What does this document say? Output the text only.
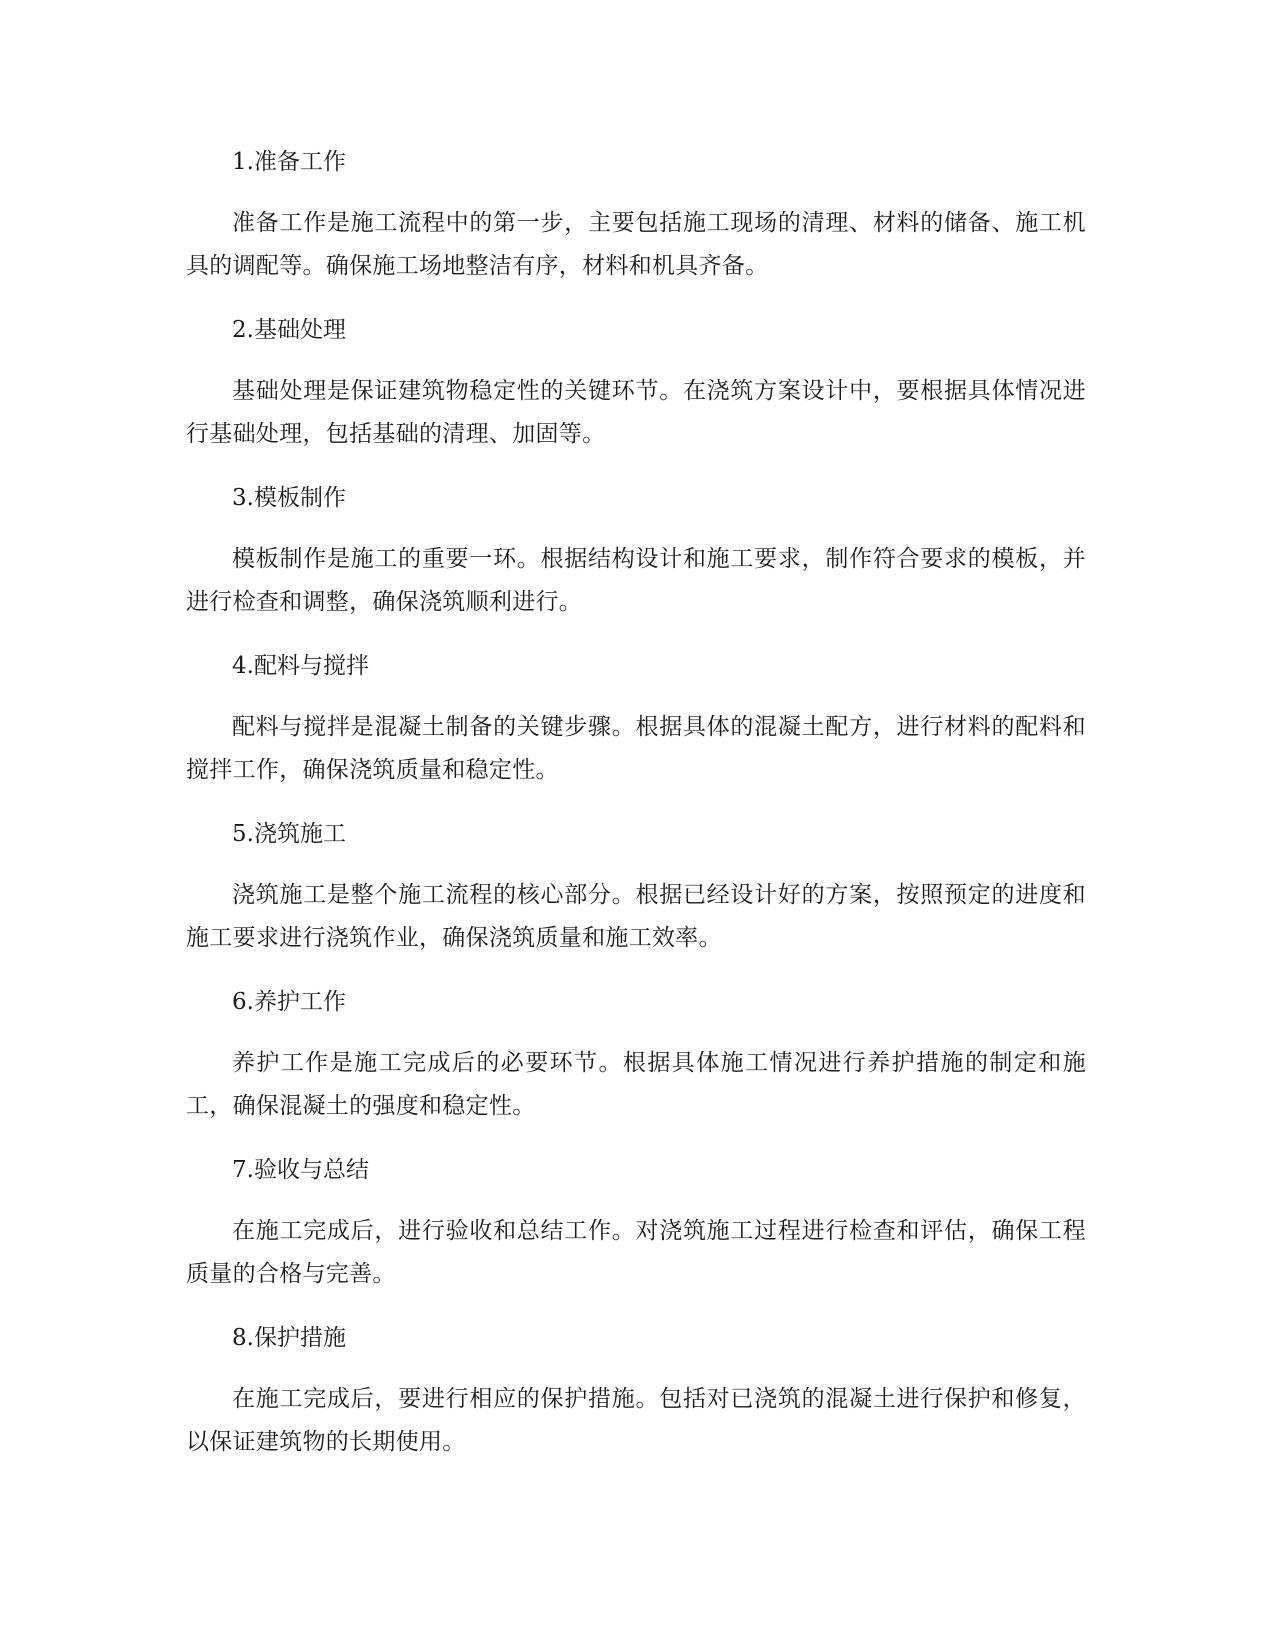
1.准备工作

准备工作是施工流程中的第一步，主要包括施工现场的清理、材料的储备、施工机具的调配等。确保施工场地整洁有序，材料和机具齐备。

2.基础处理

基础处理是保证建筑物稳定性的关键环节。在浇筑方案设计中，要根据具体情况进行基础处理，包括基础的清理、加固等。

3.模板制作

模板制作是施工的重要一环。根据结构设计和施工要求，制作符合要求的模板，并进行检查和调整，确保浇筑顺利进行。

4.配料与搅拌

配料与搅拌是混凝土制备的关键步骤。根据具体的混凝土配方，进行材料的配料和搅拌工作，确保浇筑质量和稳定性。

5.浇筑施工

浇筑施工是整个施工流程的核心部分。根据已经设计好的方案，按照预定的进度和施工要求进行浇筑作业，确保浇筑质量和施工效率。

6.养护工作

养护工作是施工完成后的必要环节。根据具体施工情况进行养护措施的制定和施工，确保混凝土的强度和稳定性。

7.验收与总结

在施工完成后，进行验收和总结工作。对浇筑施工过程进行检查和评估，确保工程质量的合格与完善。

8.保护措施

在施工完成后，要进行相应的保护措施。包括对已浇筑的混凝土进行保护和修复，以保证建筑物的长期使用。
